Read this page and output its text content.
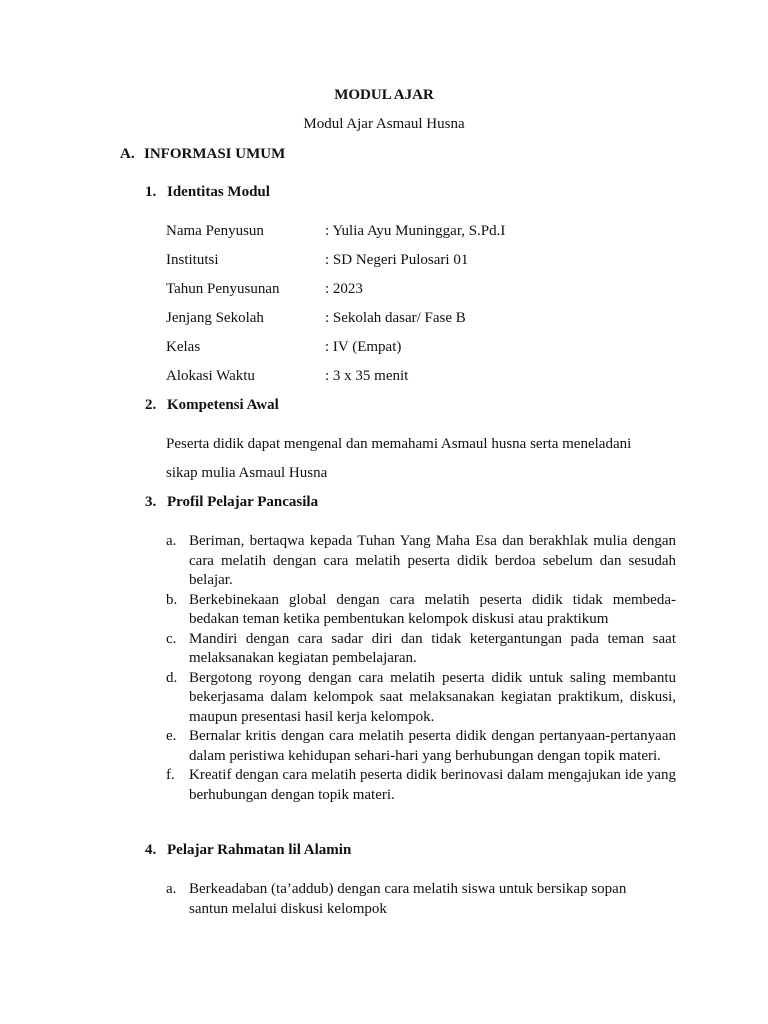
MODUL AJAR
Modul Ajar Asmaul Husna
A. INFORMASI UMUM
1. Identitas Modul
Nama Penyusun	: Yulia Ayu Muninggar, S.Pd.I
Institutsi	: SD Negeri Pulosari 01
Tahun Penyusunan	: 2023
Jenjang Sekolah	: Sekolah dasar/ Fase B
Kelas	: IV (Empat)
Alokasi Waktu	: 3 x 35 menit
2. Kompetensi Awal
Peserta didik dapat mengenal dan memahami Asmaul husna serta meneladani
sikap mulia Asmaul Husna
3. Profil Pelajar Pancasila
a. Beriman, bertaqwa kepada Tuhan Yang Maha Esa dan berakhlak mulia dengan cara melatih dengan cara melatih peserta didik berdoa sebelum dan sesudah belajar.
b. Berkebinekaan global dengan cara melatih peserta didik tidak membeda-bedakan teman ketika pembentukan kelompok diskusi atau praktikum
c. Mandiri dengan cara sadar diri dan tidak ketergantungan pada teman saat melaksanakan kegiatan pembelajaran.
d. Bergotong royong dengan cara melatih peserta didik untuk saling membantu bekerjasama dalam kelompok saat melaksanakan kegiatan praktikum, diskusi, maupun presentasi hasil kerja kelompok.
e. Bernalar kritis dengan cara melatih peserta didik dengan pertanyaan-pertanyaan dalam peristiwa kehidupan sehari-hari yang berhubungan dengan topik materi.
f. Kreatif dengan cara melatih peserta didik berinovasi dalam mengajukan ide yang berhubungan dengan topik materi.
4. Pelajar Rahmatan lil Alamin
a. Berkeadaban (ta’addub) dengan cara melatih siswa untuk bersikap sopan santun melalui diskusi kelompok
